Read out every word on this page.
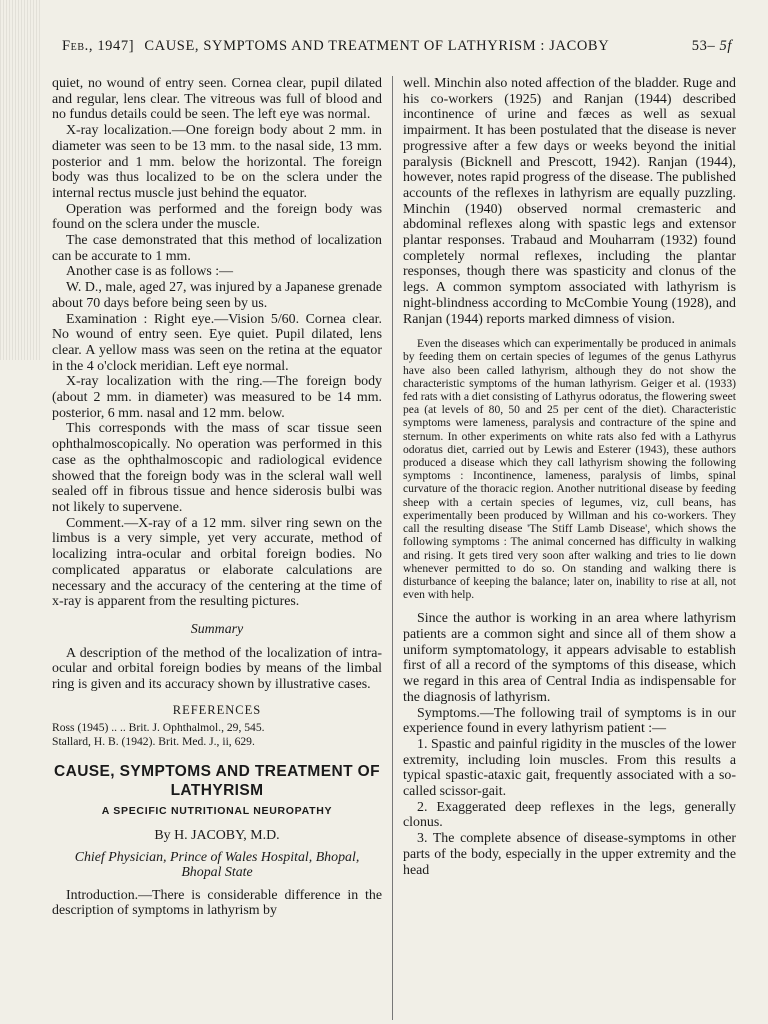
Feb., 1947] CAUSE, SYMPTOMS AND TREATMENT OF LATHYRISM : JACOBY	53– 5f

quiet, no wound of entry seen. Cornea clear, pupil dilated and regular, lens clear. The vitreous was full of blood and no fundus details could be seen. The left eye was normal.

X-ray localization.—One foreign body about 2 mm. in diameter was seen to be 13 mm. to the nasal side, 13 mm. posterior and 1 mm. below the horizontal. The foreign body was thus localized to be on the sclera under the internal rectus muscle just behind the equator.

Operation was performed and the foreign body was found on the sclera under the muscle.

The case demonstrated that this method of localization can be accurate to 1 mm.

Another case is as follows :—

W. D., male, aged 27, was injured by a Japanese grenade about 70 days before being seen by us.

Examination : Right eye.—Vision 5/60. Cornea clear. No wound of entry seen. Eye quiet. Pupil dilated, lens clear. A yellow mass was seen on the retina at the equator in the 4 o'clock meridian. Left eye normal.

X-ray localization with the ring.—The foreign body (about 2 mm. in diameter) was measured to be 14 mm. posterior, 6 mm. nasal and 12 mm. below.

This corresponds with the mass of scar tissue seen ophthalmoscopically. No operation was performed in this case as the ophthalmoscopic and radiological evidence showed that the foreign body was in the scleral wall well sealed off in fibrous tissue and hence siderosis bulbi was not likely to supervene.

Comment.—X-ray of a 12 mm. silver ring sewn on the limbus is a very simple, yet very accurate, method of localizing intra-ocular and orbital foreign bodies. No complicated apparatus or elaborate calculations are necessary and the accuracy of the centering at the time of x-ray is apparent from the resulting pictures.

Summary

A description of the method of the localization of intra-ocular and orbital foreign bodies by means of the limbal ring is given and its accuracy shown by illustrative cases.

REFERENCES

Ross (1945) .. .. Brit. J. Ophthalmol., 29, 545.

Stallard, H. B. (1942). Brit. Med. J., ii, 629.

CAUSE, SYMPTOMS AND TREATMENT OF LATHYRISM

A SPECIFIC NUTRITIONAL NEUROPATHY

By H. JACOBY, M.D.

Chief Physician, Prince of Wales Hospital, Bhopal,
Bhopal State

Introduction.—There is considerable difference in the description of symptoms in lathyrism by

well. Minchin also noted affection of the bladder. Ruge and his co-workers (1925) and Ranjan (1944) described incontinence of urine and fæces as well as sexual impairment. It has been postulated that the disease is never progressive after a few days or weeks beyond the initial paralysis (Bicknell and Prescott, 1942). Ranjan (1944), however, notes rapid progress of the disease. The published accounts of the reflexes in lathyrism are equally puzzling. Minchin (1940) observed normal cremasteric and abdominal reflexes along with spastic legs and extensor plantar responses. Trabaud and Mouharram (1932) found completely normal reflexes, including the plantar responses, though there was spasticity and clonus of the legs. A common symptom associated with lathyrism is night-blindness according to McCombie Young (1928), and Ranjan (1944) reports marked dimness of vision.

Even the diseases which can experimentally be produced in animals by feeding them on certain species of legumes of the genus Lathyrus have also been called lathyrism, although they do not show the characteristic symptoms of the human lathyrism. Geiger et al. (1933) fed rats with a diet consisting of Lathyrus odoratus, the flowering sweet pea (at levels of 80, 50 and 25 per cent of the diet). Characteristic symptoms were lameness, paralysis and contracture of the spine and sternum. In other experiments on white rats also fed with a Lathyrus odoratus diet, carried out by Lewis and Esterer (1943), these authors produced a disease which they call lathyrism showing the following symptoms : Incontinence, lameness, paralysis of limbs, spinal curvature of the thoracic region. Another nutritional disease by feeding sheep with a certain species of legumes, viz, cull beans, has experimentally been produced by Willman and his co-workers. They call the resulting disease 'The Stiff Lamb Disease', which shows the following symptoms : The animal concerned has difficulty in walking and rising. It gets tired very soon after walking and tries to lie down whenever permitted to do so. On standing and walking there is disturbance of keeping the balance; later on, inability to rise at all, not even with help.

Since the author is working in an area where lathyrism patients are a common sight and since all of them show a uniform symptomatology, it appears advisable to establish first of all a record of the symptoms of this disease, which we regard in this area of Central India as indispensable for the diagnosis of lathyrism.

Symptoms.—The following trail of symptoms is in our experience found in every lathyrism patient :—

1. Spastic and painful rigidity in the muscles of the lower extremity, including loin muscles. From this results a typical spastic-ataxic gait, frequently associated with a so-called scissor-gait.

2. Exaggerated deep reflexes in the legs, generally clonus.

3. The complete absence of disease-symptoms in other parts of the body, especially in the upper extremity and the head
